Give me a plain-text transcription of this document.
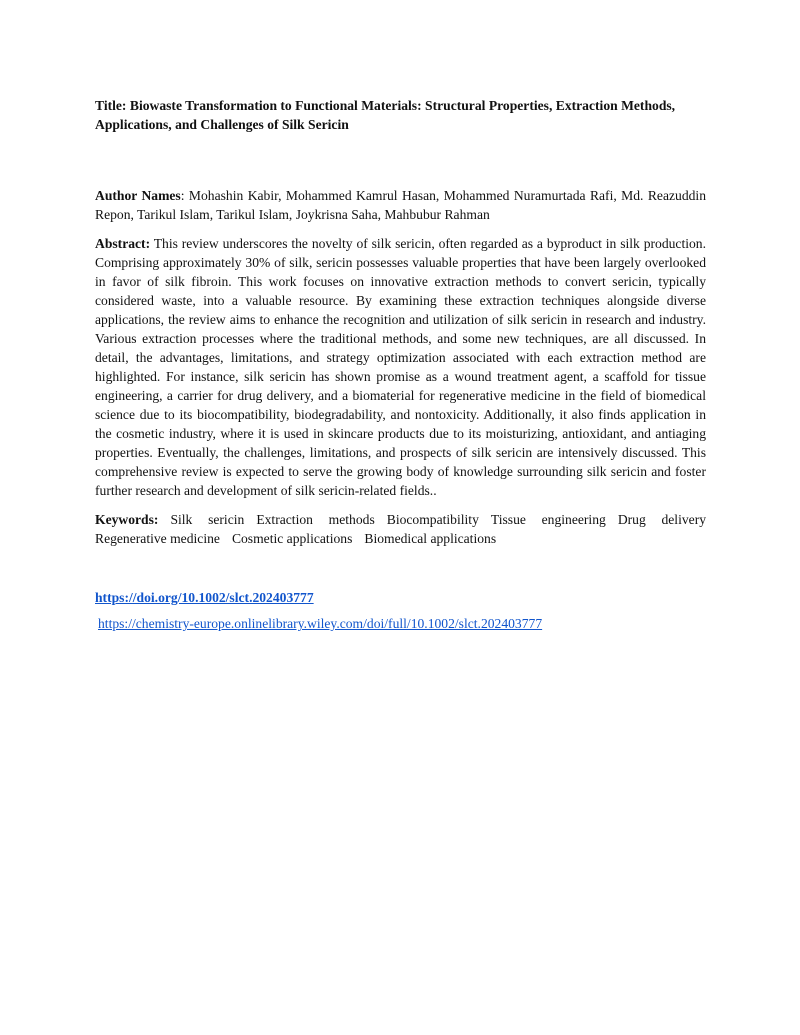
Title: Biowaste Transformation to Functional Materials: Structural Properties, Extraction Methods, Applications, and Challenges of Silk Sericin

Author Names: Mohashin Kabir, Mohammed Kamrul Hasan, Mohammed Nuramurtada Rafi, Md. Reazuddin Repon, Tarikul Islam, Tarikul Islam, Joykrisna Saha, Mahbubur Rahman

Abstract: This review underscores the novelty of silk sericin, often regarded as a byproduct in silk production. Comprising approximately 30% of silk, sericin possesses valuable properties that have been largely overlooked in favor of silk fibroin. This work focuses on innovative extraction methods to convert sericin, typically considered waste, into a valuable resource. By examining these extraction techniques alongside diverse applications, the review aims to enhance the recognition and utilization of silk sericin in research and industry. Various extraction processes where the traditional methods, and some new techniques, are all discussed. In detail, the advantages, limitations, and strategy optimization associated with each extraction method are highlighted. For instance, silk sericin has shown promise as a wound treatment agent, a scaffold for tissue engineering, a carrier for drug delivery, and a biomaterial for regenerative medicine in the field of biomedical science due to its biocompatibility, biodegradability, and nontoxicity. Additionally, it also finds application in the cosmetic industry, where it is used in skincare products due to its moisturizing, antioxidant, and antiaging properties. Eventually, the challenges, limitations, and prospects of silk sericin are intensively discussed. This comprehensive review is expected to serve the growing body of knowledge surrounding silk sericin and foster further research and development of silk sericin-related fields..

Keywords: Silk sericin Extraction methods Biocompatibility Tissue engineering Drug delivery Regenerative medicine Cosmetic applications Biomedical applications

https://doi.org/10.1002/slct.202403777

https://chemistry-europe.onlinelibrary.wiley.com/doi/full/10.1002/slct.202403777
